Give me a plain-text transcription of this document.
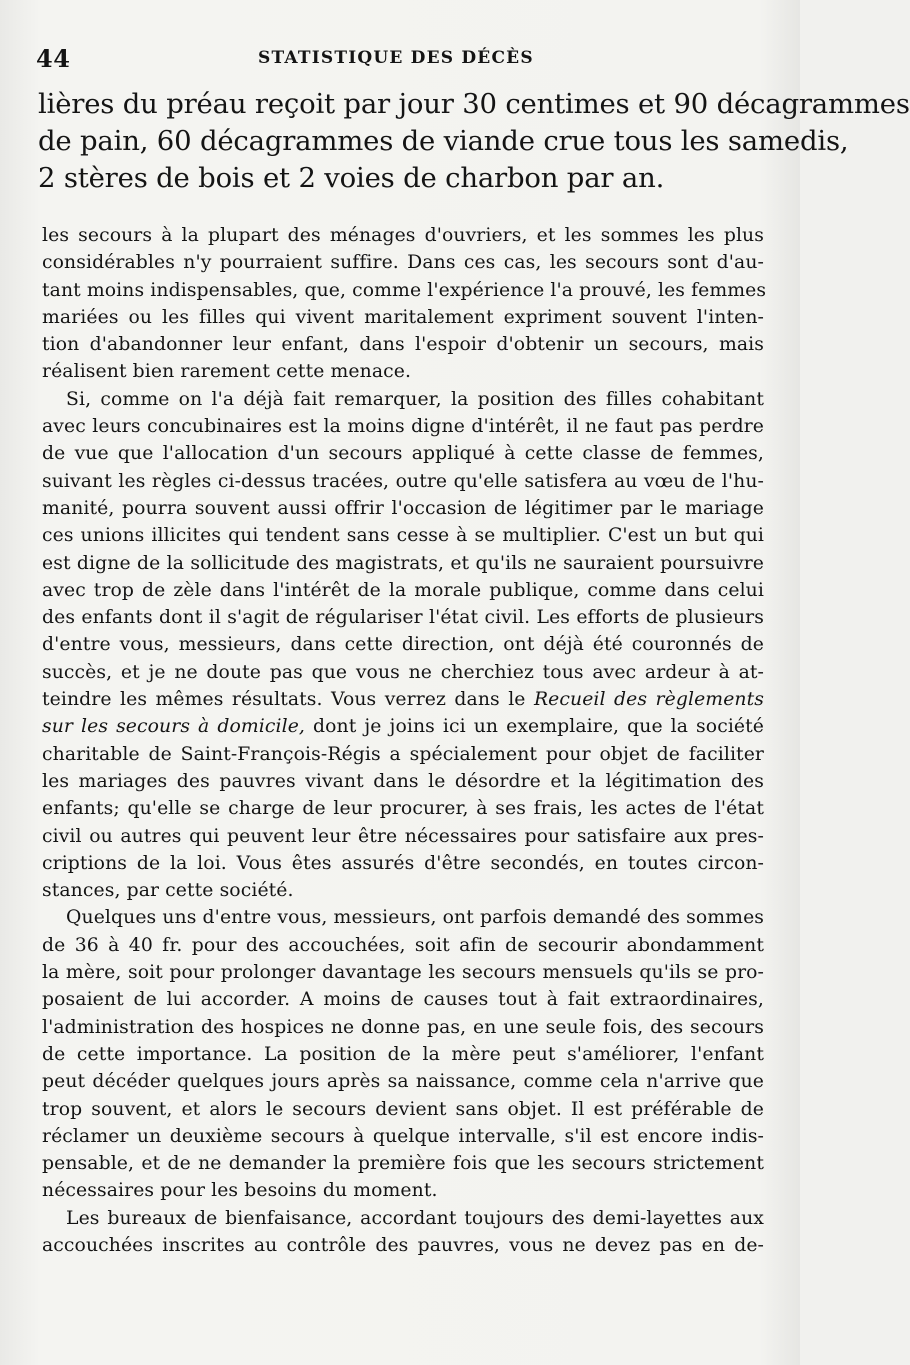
44	STATISTIQUE DES DÉCÈS
lières du préau reçoit par jour 30 centimes et 90 décagrammes
de pain, 60 décagrammes de viande crue tous les samedis,
2 stères de bois et 2 voies de charbon par an.
les secours à la plupart des ménages d'ouvriers, et les sommes les plus
considérables n'y pourraient suffire. Dans ces cas, les secours sont d'au-
tant moins indispensables, que, comme l'expérience l'a prouvé, les femmes
mariées ou les filles qui vivent maritalement expriment souvent l'inten-
tion d'abandonner leur enfant, dans l'espoir d'obtenir un secours, mais
réalisent bien rarement cette menace.
Si, comme on l'a déjà fait remarquer, la position des filles cohabitant
avec leurs concubinaires est la moins digne d'intérêt, il ne faut pas perdre
de vue que l'allocation d'un secours appliqué à cette classe de femmes,
suivant les règles ci-dessus tracées, outre qu'elle satisfera au vœu de l'hu-
manité, pourra souvent aussi offrir l'occasion de légitimer par le mariage
ces unions illicites qui tendent sans cesse à se multiplier. C'est un but qui
est digne de la sollicitude des magistrats, et qu'ils ne sauraient poursuivre
avec trop de zèle dans l'intérêt de la morale publique, comme dans celui
des enfants dont il s'agit de régulariser l'état civil. Les efforts de plusieurs
d'entre vous, messieurs, dans cette direction, ont déjà été couronnés de
succès, et je ne doute pas que vous ne cherchiez tous avec ardeur à at-
teindre les mêmes résultats. Vous verrez dans le Recueil des règlements
sur les secours à domicile, dont je joins ici un exemplaire, que la société
charitable de Saint-François-Régis a spécialement pour objet de faciliter
les mariages des pauvres vivant dans le désordre et la légitimation des
enfants; qu'elle se charge de leur procurer, à ses frais, les actes de l'état
civil ou autres qui peuvent leur être nécessaires pour satisfaire aux pres-
criptions de la loi. Vous êtes assurés d'être secondés, en toutes circon-
stances, par cette société.
Quelques uns d'entre vous, messieurs, ont parfois demandé des sommes
de 36 à 40 fr. pour des accouchées, soit afin de secourir abondamment
la mère, soit pour prolonger davantage les secours mensuels qu'ils se pro-
posaient de lui accorder. A moins de causes tout à fait extraordinaires,
l'administration des hospices ne donne pas, en une seule fois, des secours
de cette importance. La position de la mère peut s'améliorer, l'enfant
peut décéder quelques jours après sa naissance, comme cela n'arrive que
trop souvent, et alors le secours devient sans objet. Il est préférable de
réclamer un deuxième secours à quelque intervalle, s'il est encore indis-
pensable, et de ne demander la première fois que les secours strictement
nécessaires pour les besoins du moment.
Les bureaux de bienfaisance, accordant toujours des demi-layettes aux
accouchées inscrites au contrôle des pauvres, vous ne devez pas en de-
